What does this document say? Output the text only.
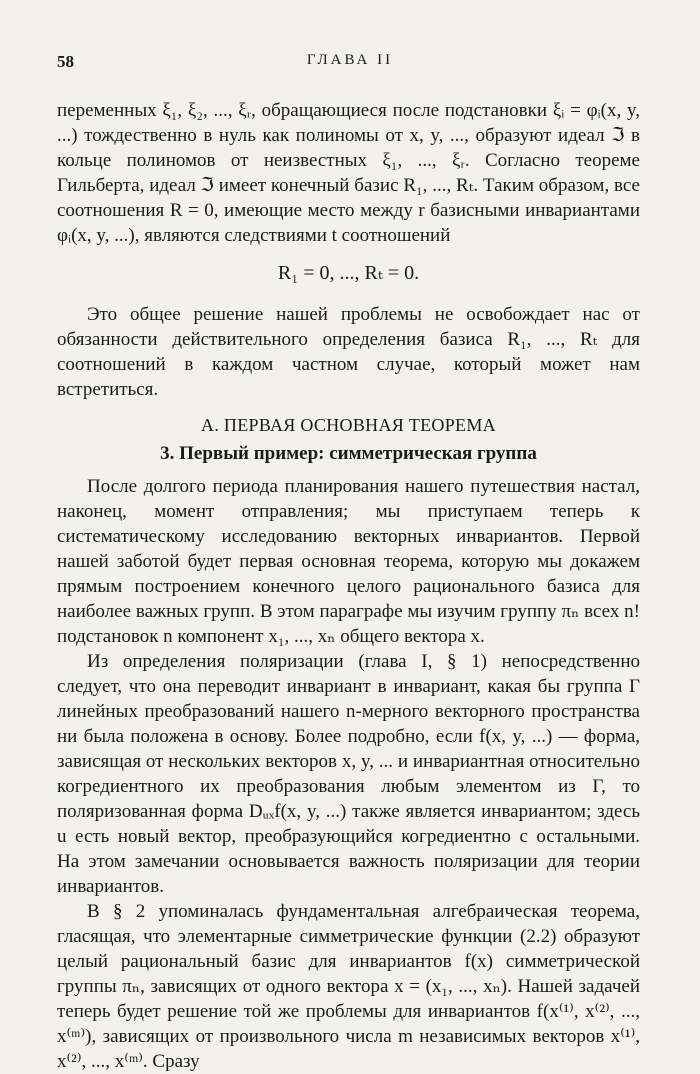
58	ГЛАВА II

переменных ξ₁, ξ₂, ..., ξᵣ, обращающиеся после подстановки ξᵢ = φᵢ(x, y, ...) тождественно в нуль как полиномы от x, y, ..., образуют идеал ℑ в кольце полиномов от неизвестных ξ₁, ..., ξᵣ. Согласно теореме Гильберта, идеал ℑ имеет конечный базис R₁, ..., Rₜ. Таким образом, все соотношения R = 0, имеющие место между r базисными инвариантами φᵢ(x, y, ...), являются следствиями t соотношений

R₁ = 0, ..., Rₜ = 0.

Это общее решение нашей проблемы не освобождает нас от обязанности действительного определения базиса R₁, ..., Rₜ для соотношений в каждом частном случае, который может нам встретиться.

А. ПЕРВАЯ ОСНОВНАЯ ТЕОРЕМА
3. Первый пример: симметрическая группа

После долгого периода планирования нашего путешествия настал, наконец, момент отправления; мы приступаем теперь к систематическому исследованию векторных инвариантов. Первой нашей заботой будет первая основная теорема, которую мы докажем прямым построением конечного целого рационального базиса для наиболее важных групп. В этом параграфе мы изучим группу πₙ всех n! подстановок n компонент x₁, ..., xₙ общего вектора x.

Из определения поляризации (глава I, § 1) непосредственно следует, что она переводит инвариант в инвариант, какая бы группа Γ линейных преобразований нашего n-мерного векторного пространства ни была положена в основу. Более подробно, если f(x, y, ...) — форма, зависящая от нескольких векторов x, y, ... и инвариантная относительно когредиентного их преобразования любым элементом из Γ, то поляризованная форма Dᵤₓf(x, y, ...) также является инвариантом; здесь u есть новый вектор, преобразующийся когредиентно с остальными. На этом замечании основывается важность поляризации для теории инвариантов.

В § 2 упоминалась фундаментальная алгебраическая теорема, гласящая, что элементарные симметрические функции (2.2) образуют целый рациональный базис для инвариантов f(x) симметрической группы πₙ, зависящих от одного вектора x = (x₁, ..., xₙ). Нашей задачей теперь будет решение той же проблемы для инвариантов f(x⁽¹⁾, x⁽²⁾, ..., x⁽ᵐ⁾), зависящих от произвольного числа m независимых векторов x⁽¹⁾, x⁽²⁾, ..., x⁽ᵐ⁾. Сразу
